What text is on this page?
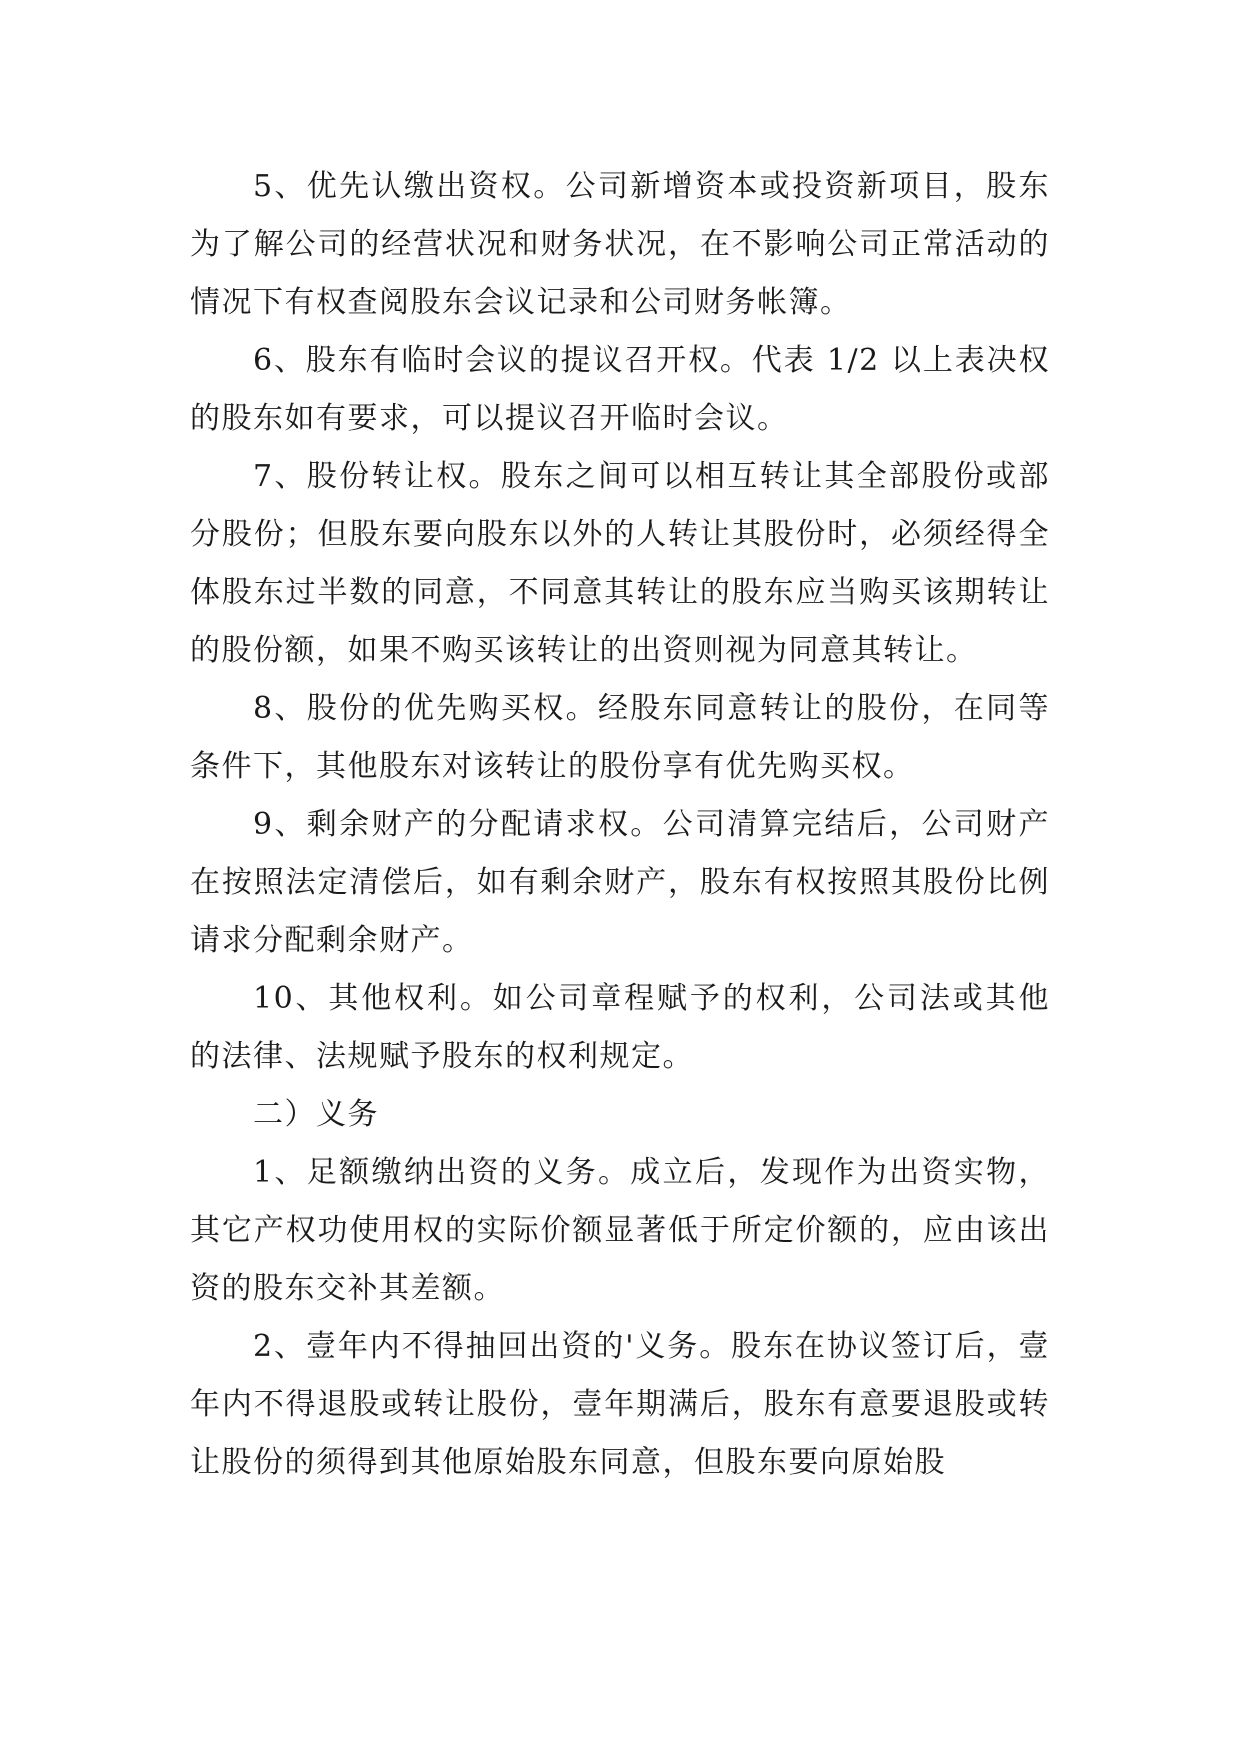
5、优先认缴出资权。公司新增资本或投资新项目，股东为了解公司的经营状况和财务状况，在不影响公司正常活动的情况下有权查阅股东会议记录和公司财务帐簿。

6、股东有临时会议的提议召开权。代表 1/2 以上表决权的股东如有要求，可以提议召开临时会议。

7、股份转让权。股东之间可以相互转让其全部股份或部分股份；但股东要向股东以外的人转让其股份时，必须经得全体股东过半数的同意，不同意其转让的股东应当购买该期转让的股份额，如果不购买该转让的出资则视为同意其转让。

8、股份的优先购买权。经股东同意转让的股份，在同等条件下，其他股东对该转让的股份享有优先购买权。

9、剩余财产的分配请求权。公司清算完结后，公司财产在按照法定清偿后，如有剩余财产，股东有权按照其股份比例请求分配剩余财产。

10、其他权利。如公司章程赋予的权利，公司法或其他的法律、法规赋予股东的权利规定。

二）义务

1、足额缴纳出资的义务。成立后，发现作为出资实物，其它产权功使用权的实际价额显著低于所定价额的，应由该出资的股东交补其差额。

2、壹年内不得抽回出资的'义务。股东在协议签订后，壹年内不得退股或转让股份，壹年期满后，股东有意要退股或转让股份的须得到其他原始股东同意，但股东要向原始股
